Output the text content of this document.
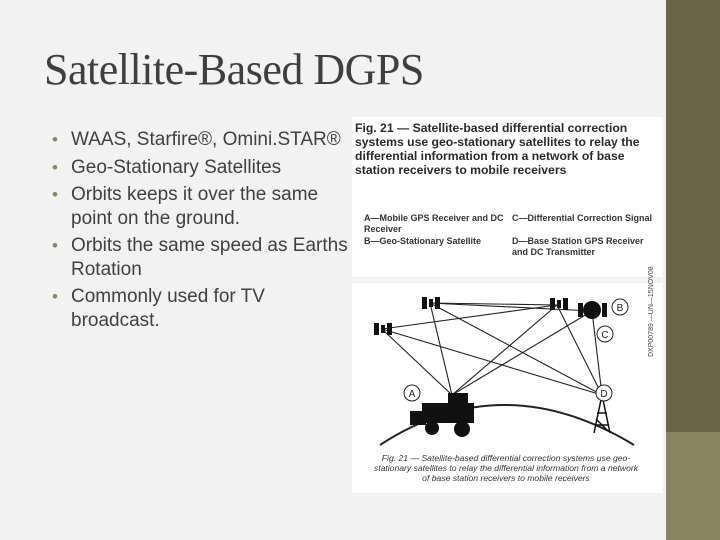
Satellite-Based DGPS
• WAAS, Starfire®, Omini.STAR®
• Geo-Stationary Satellites
• Orbits keeps it over the same point on the ground.
• Orbits the same speed as Earths Rotation
• Commonly used for TV broadcast.
Fig. 21 — Satellite-based differential correction systems use geo-stationary satellites to relay the differential information from a network of base station receivers to mobile receivers
A—Mobile GPS Receiver and DC Receiver
B—Geo-Stationary Satellite
C—Differential Correction Signal
D—Base Station GPS Receiver and DC Transmitter
A
B
C
D
DXP00789 —UN—15NOV08
Fig. 21 — Satellite-based differential correction systems use geo-stationary satellites to relay the differential information from a network of base station receivers to mobile receivers
